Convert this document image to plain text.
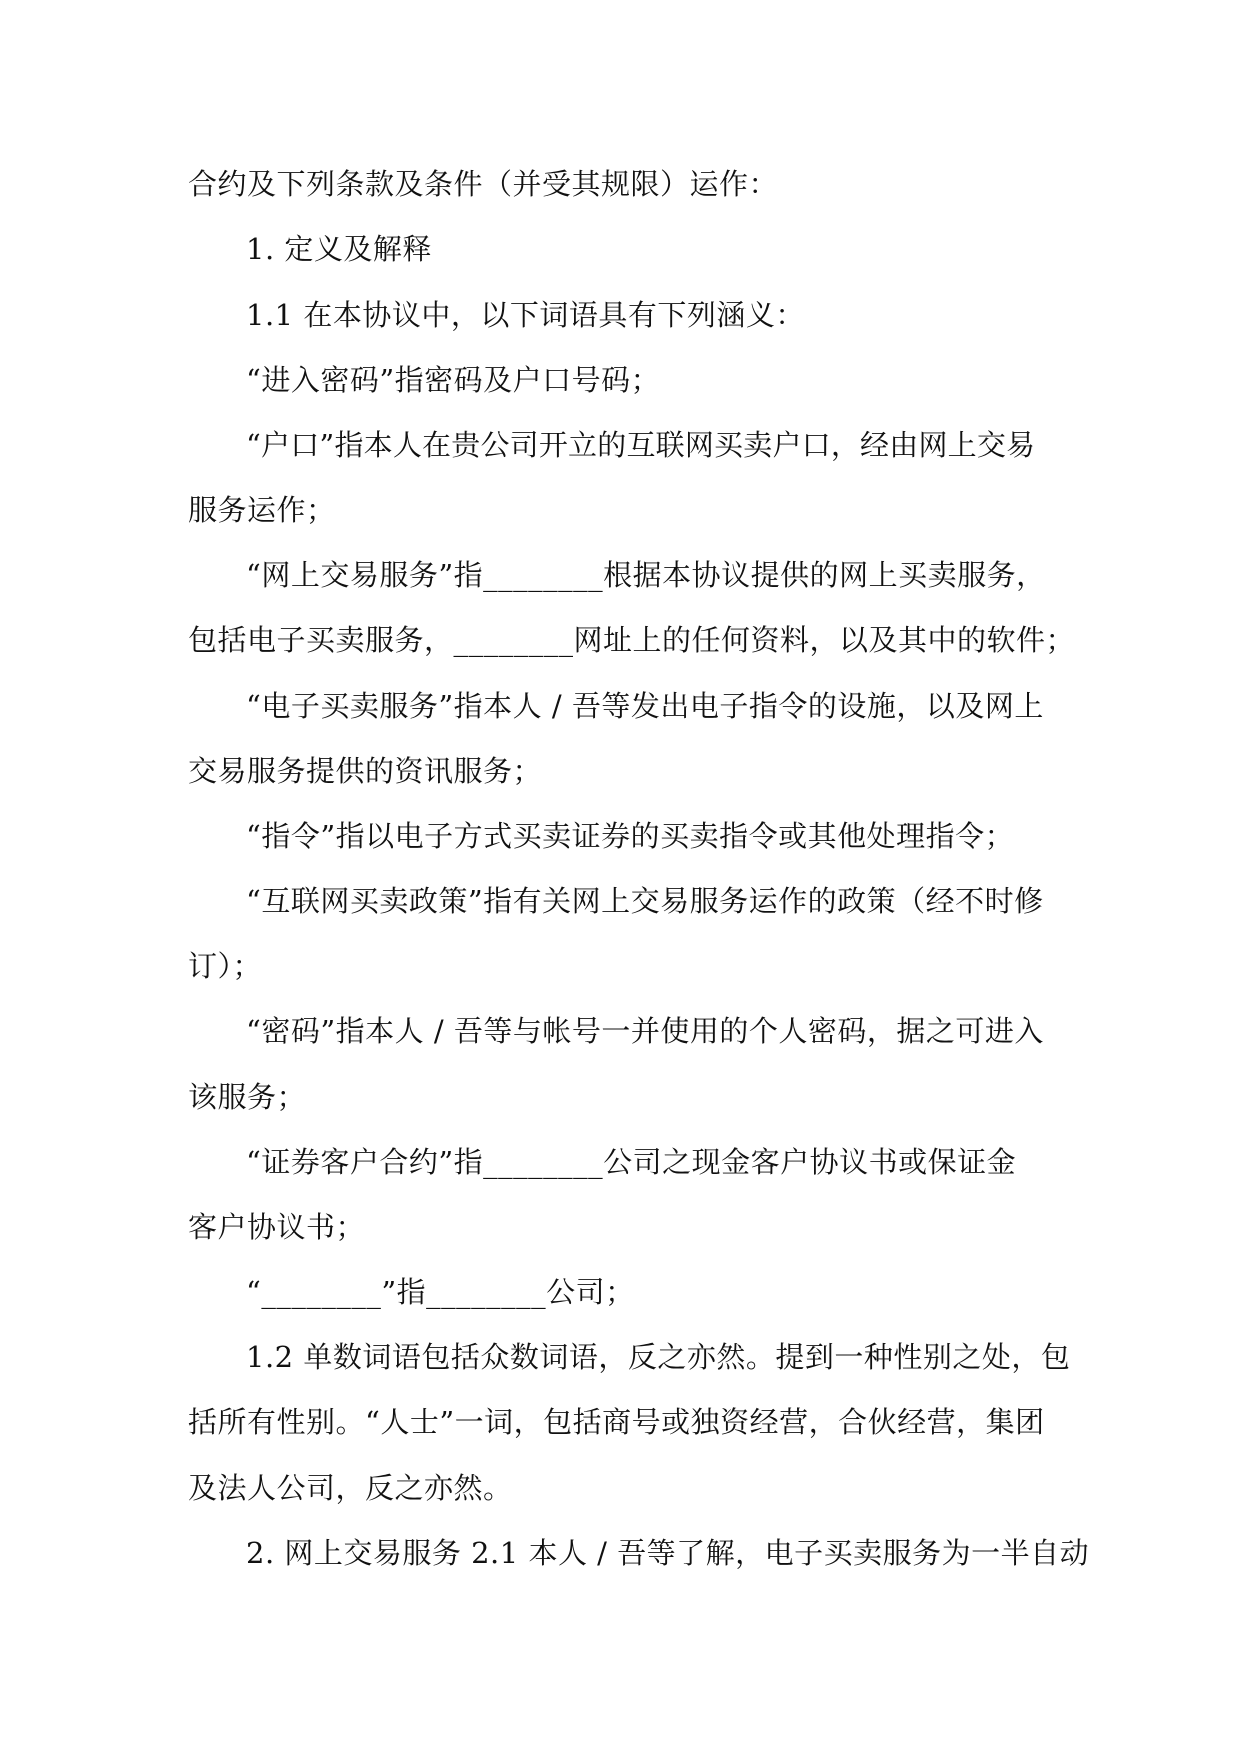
合约及下列条款及条件（并受其规限）运作：
1. 定义及解释
1.1 在本协议中，以下词语具有下列涵义：
“进入密码”指密码及户口号码；
“户口”指本人在贵公司开立的互联网买卖户口，经由网上交易
服务运作；
“网上交易服务”指________根据本协议提供的网上买卖服务，
包括电子买卖服务，________网址上的任何资料，以及其中的软件；
“电子买卖服务”指本人 / 吾等发出电子指令的设施，以及网上
交易服务提供的资讯服务；
“指令”指以电子方式买卖证券的买卖指令或其他处理指令；
“互联网买卖政策”指有关网上交易服务运作的政策（经不时修
订）；
“密码”指本人 / 吾等与帐号一并使用的个人密码，据之可进入
该服务；
“证券客户合约”指________公司之现金客户协议书或保证金
客户协议书；
“________”指________公司；
1.2 单数词语包括众数词语，反之亦然。提到一种性别之处，包
括所有性别。“人士”一词，包括商号或独资经营，合伙经营，集团
及法人公司，反之亦然。
2. 网上交易服务 2.1 本人 / 吾等了解，电子买卖服务为一半自动
